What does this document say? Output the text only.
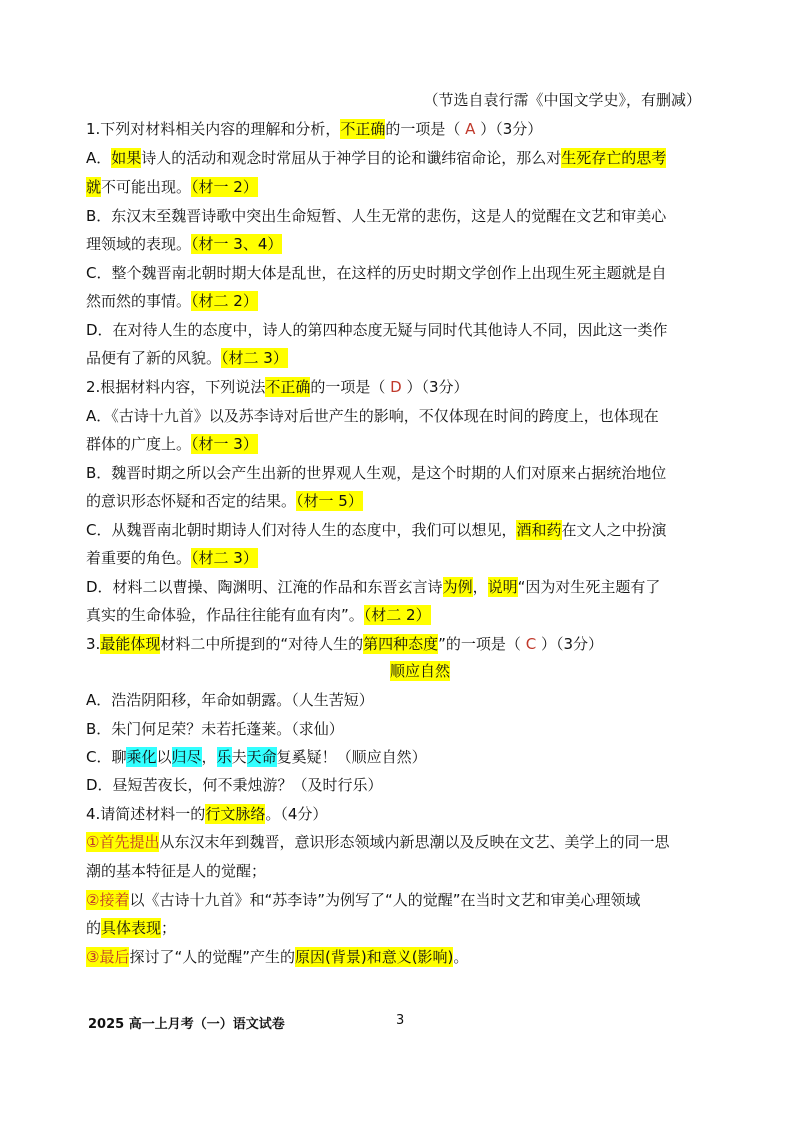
（节选自袁行霈《中国文学史》，有删减）
1.下列对材料相关内容的理解和分析，不正确的一项是（ A ）（3分）
A．如果诗人的活动和观念时常屈从于神学目的论和谶纬宿命论，那么对生死存亡的思考
就不可能出现。（材一 2）
B．东汉末至魏晋诗歌中突出生命短暂、人生无常的悲伤，这是人的觉醒在文艺和审美心
理领域的表现。（材一 3、4）
C．整个魏晋南北朝时期大体是乱世，在这样的历史时期文学创作上出现生死主题就是自
然而然的事情。（材二 2）
D．在对待人生的态度中，诗人的第四种态度无疑与同时代其他诗人不同，因此这一类作
品便有了新的风貌。（材二 3）
2.根据材料内容，下列说法不正确的一项是（ D ）（3分）
A．《古诗十九首》以及苏李诗对后世产生的影响，不仅体现在时间的跨度上，也体现在
群体的广度上。（材一 3）
B．魏晋时期之所以会产生出新的世界观人生观，是这个时期的人们对原来占据统治地位
的意识形态怀疑和否定的结果。（材一 5）
C．从魏晋南北朝时期诗人们对待人生的态度中，我们可以想见，酒和药在文人之中扮演
着重要的角色。（材二 3）
D．材料二以曹操、陶渊明、江淹的作品和东晋玄言诗为例，说明“因为对生死主题有了
真实的生命体验，作品往往能有血有肉”。（材二 2）
3.最能体现材料二中所提到的“对待人生的第四种态度”的一项是（ C ）（3分）
顺应自然
A．浩浩阴阳移，年命如朝露。（人生苦短）
B．朱门何足荣？未若托蓬莱。（求仙）
C．聊乘化以归尽，乐夫天命复奚疑！（顺应自然）
D．昼短苦夜长，何不秉烛游？（及时行乐）
4.请简述材料一的行文脉络。（4分）
①首先提出从东汉末年到魏晋，意识形态领域内新思潮以及反映在文艺、美学上的同一思
潮的基本特征是人的觉醒；
②接着以《古诗十九首》和“苏李诗”为例写了“人的觉醒”在当时文艺和审美心理领域
的具体表现；
③最后探讨了“人的觉醒”产生的原因(背景)和意义(影响)。
2025 高一上月考（一）语文试卷	3
